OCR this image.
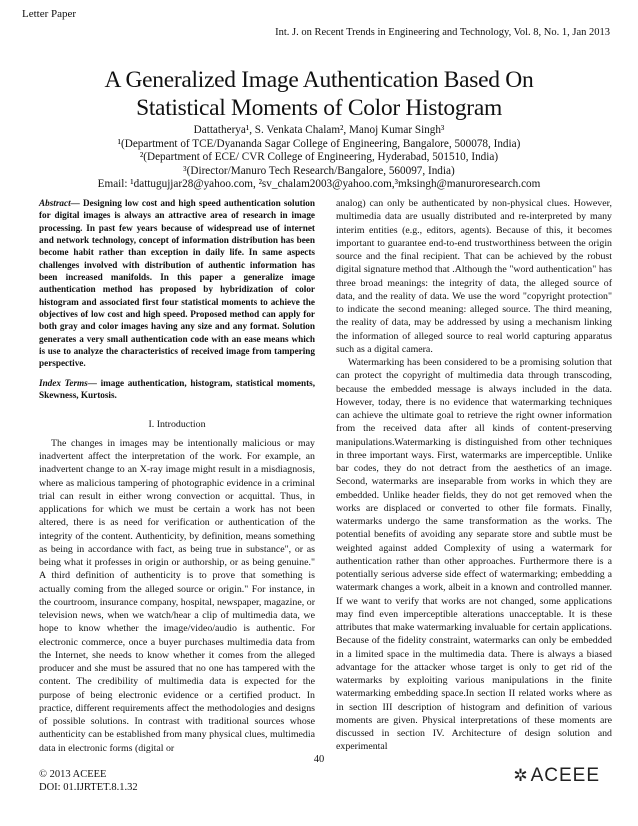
Letter Paper
Int. J. on Recent Trends in Engineering and Technology, Vol. 8, No. 1, Jan 2013
A Generalized Image Authentication Based On
Statistical Moments of Color Histogram
Dattatherya¹, S. Venkata Chalam², Manoj Kumar Singh³
¹(Department of TCE/Dyananda Sagar College of Engineering, Bangalore, 500078, India)
²(Department of ECE/ CVR College of Engineering, Hyderabad, 501510, India)
³(Director/Manuro Tech Research/Bangalore, 560097, India)
Email: ¹dattugujjar28@yahoo.com, ²sv_chalam2003@yahoo.com,³mksingh@manuroresearch.com

Abstract— Designing low cost and high speed authentication solution for digital images is always an attractive area of research in image processing. In past few years because of widespread use of internet and network technology, concept of information distribution has been become habit rather than exception in daily life. In same aspects challenges involved with distribution of authentic information has been increased manifolds. In this paper a generalize image authentication method has proposed by hybridization of color histogram and associated first four statistical moments to achieve the objectives of low cost and high speed. Proposed method can apply for both gray and color images having any size and any format. Solution generates a very small authentication code with an ease means which is use to analyze the characteristics of received image from tampering perspective.

Index Terms— image authentication, histogram, statistical moments, Skewness, Kurtosis.

I. Introduction

The changes in images may be intentionally malicious or may inadvertent affect the interpretation of the work. For example, an inadvertent change to an X-ray image might result in a misdiagnosis, where as malicious tampering of photographic evidence in a criminal trial can result in either wrong convection or acquittal. Thus, in applications for which we must be certain a work has not been altered, there is as need for verification or authentication of the integrity of the content. Authenticity, by definition, means something as being in accordance with fact, as being true in substance", or as being what it professes in origin or authorship, or as being genuine." A third definition of authenticity is to prove that something is actually coming from the alleged source or origin." For instance, in the courtroom, insurance company, hospital, newspaper, magazine, or television news, when we watch/hear a clip of multimedia data, we hope to know whether the image/video/audio is authentic. For electronic commerce, once a buyer purchases multimedia data from the Internet, she needs to know whether it comes from the alleged producer and she must be assured that no one has tampered with the content. The credibility of multimedia data is expected for the purpose of being electronic evidence or a certified product. In practice, different requirements affect the methodologies and designs of possible solutions. In contrast with traditional sources whose authenticity can be established from many physical clues, multimedia data in electronic forms (digital or

analog) can only be authenticated by non-physical clues. However, multimedia data are usually distributed and re-interpreted by many interim entities (e.g., editors, agents). Because of this, it becomes important to guarantee end-to-end trustworthiness between the origin source and the final recipient. That can be achieved by the robust digital signature method that .Although the "word authentication" has three broad meanings: the integrity of data, the alleged source of data, and the reality of data. We use the word "copyright protection" to indicate the second meaning: alleged source. The third meaning, the reality of data, may be addressed by using a mechanism linking the information of alleged source to real world capturing apparatus such as a digital camera.

Watermarking has been considered to be a promising solution that can protect the copyright of multimedia data through transcoding, because the embedded message is always included in the data. However, today, there is no evidence that watermarking techniques can achieve the ultimate goal to retrieve the right owner information from the received data after all kinds of content-preserving manipulations.Watermarking is distinguished from other techniques in three important ways. First, watermarks are imperceptible. Unlike bar codes, they do not detract from the aesthetics of an image. Second, watermarks are inseparable from works in which they are embedded. Unlike header fields, they do not get removed when the works are displaced or converted to other file formats. Finally, watermarks undergo the same transformation as the works. The potential benefits of avoiding any separate store and subtle must be weighted against added Complexity of using a watermark for authentication rather than other approaches. Furthermore there is a potentially serious adverse side effect of watermarking; embedding a watermark changes a work, albeit in a known and controlled manner. If we want to verify that works are not changed, some applications may find even imperceptible alterations unacceptable. It is these attributes that make watermarking invaluable for certain applications. Because of the fidelity constraint, watermarks can only be embedded in a limited space in the multimedia data. There is always a biased advantage for the attacker whose target is only to get rid of the watermarks by exploiting various manipulations in the finite watermarking embedding space.In section II related works where as in section III description of histogram and definition of various moments are given. Physical interpretations of these moments are discussed in section IV. Architecture of design solution and experimental

40
© 2013 ACEEE
DOI: 01.IJRTET.8.1.32
✲ ACEEE
